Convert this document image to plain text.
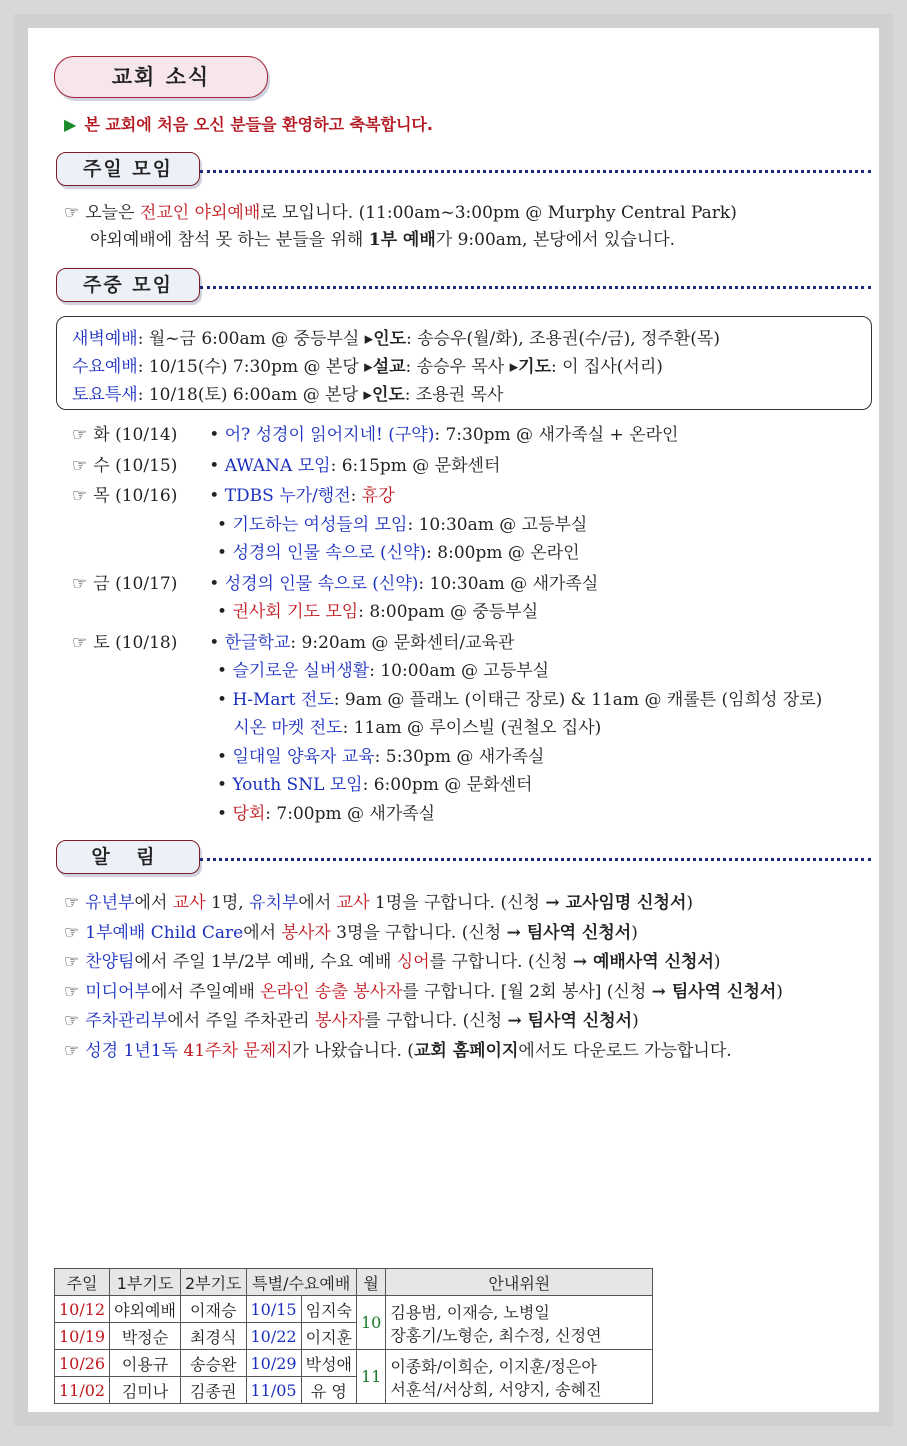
교회 소식
▶ 본 교회에 처음 오신 분들을 환영하고 축복합니다.
주일 모임
☞ 오늘은 전교인 야외예배로 모입니다. (11:00am~3:00pm @ Murphy Central Park)
야외예배에 참석 못 하는 분들을 위해 1부 예배가 9:00am, 본당에서 있습니다.
주중 모임
알 림
주일	1부기도	2부기도	특별/수요예배		월	안내위원
10/12	야외예배	이재승	10/15	임지숙	10	김용범, 이재승, 노병일
장홍기/노형순, 최수정, 신정연
10/19	박정순	최경식	10/22	이지훈		
10/26	이용규	송승완	10/29	박성애	11	이종화/이희순, 이지훈/정은아
서훈석/서상희, 서양지, 송혜진
11/02	김미나	김종권	11/05	유 영		
새벽예배: 월~금 6:00am @ 중등부실 ▸인도: 송승우(월/화), 조용권(수/금), 정주환(목)
수요예배: 10/15(수) 7:30pm @ 본당 ▸설교: 송승우 목사 ▸기도: 이 집사(서리)
토요특새: 10/18(토) 6:00am @ 본당 ▸인도: 조용권 목사
☞ 화 (10/14) • 어? 성경이 읽어지네! (구약): 7:30pm @ 새가족실 + 온라인
☞ 수 (10/15) • AWANA 모임: 6:15pm @ 문화센터
☞ 목 (10/16) • TDBS 누가/행전: 휴강
• 기도하는 여성들의 모임: 10:30am @ 고등부실
• 성경의 인물 속으로 (신약): 8:00pm @ 온라인
☞ 금 (10/17) • 성경의 인물 속으로 (신약): 10:30am @ 새가족실
• 권사회 기도 모임: 8:00pam @ 중등부실
☞ 토 (10/18) • 한글학교: 9:20am @ 문화센터/교육관
• 슬기로운 실버생활: 10:00am @ 고등부실
• H-Mart 전도: 9am @ 플래노 (이태근 장로) & 11am @ 캐롤튼 (임희성 장로)
시온 마켓 전도: 11am @ 루이스빌 (권철오 집사)
• 일대일 양육자 교육: 5:30pm @ 새가족실
• Youth SNL 모임: 6:00pm @ 문화센터
• 당회: 7:00pm @ 새가족실
☞ 유년부에서 교사 1명, 유치부에서 교사 1명을 구합니다. (신청 → 교사임명 신청서)
☞ 1부예배 Child Care에서 봉사자 3명을 구합니다. (신청 → 팀사역 신청서)
☞ 찬양팀에서 주일 1부/2부 예배, 수요 예배 싱어를 구합니다. (신청 → 예배사역 신청서)
☞ 미디어부에서 주일예배 온라인 송출 봉사자를 구합니다. [월 2회 봉사] (신청 → 팀사역 신청서)
☞ 주차관리부에서 주일 주차관리 봉사자를 구합니다. (신청 → 팀사역 신청서)
☞ 성경 1년1독 41주차 문제지가 나왔습니다. (교회 홈페이지에서도 다운로드 가능합니다.
